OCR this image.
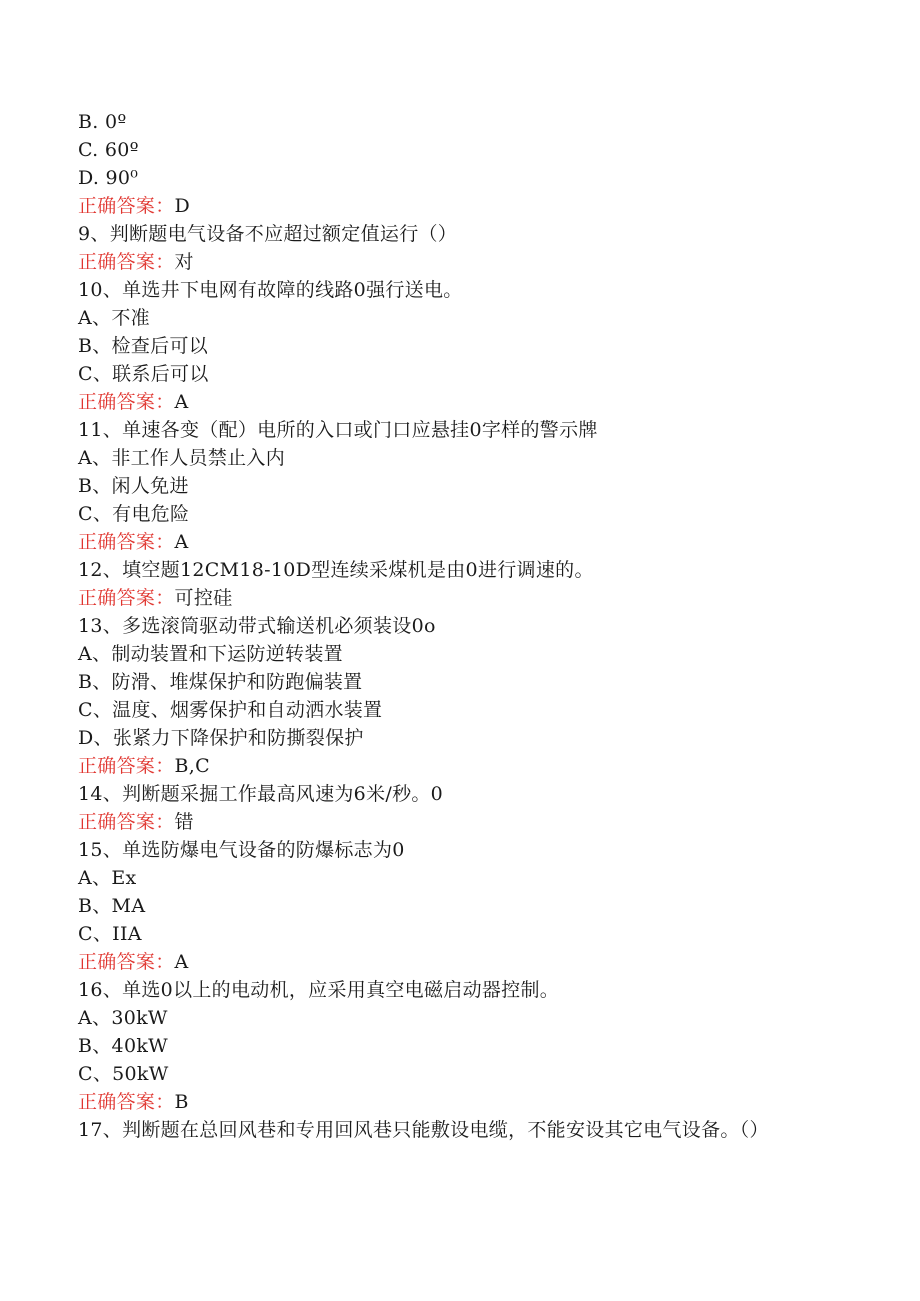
B. 0º
C. 60º
D. 90⁰
正确答案：D
9、判断题电气设备不应超过额定值运行（）
正确答案：对
10、单选井下电网有故障的线路0强行送电。
A、不准
B、检查后可以
C、联系后可以
正确答案：A
11、单速各变（配）电所的入口或门口应悬挂0字样的警示牌
A、非工作人员禁止入内
B、闲人免进
C、有电危险
正确答案：A
12、填空题12CM18-10D型连续采煤机是由0进行调速的。
正确答案：可控硅
13、多选滚筒驱动带式输送机必须装设0o
A、制动装置和下运防逆转装置
B、防滑、堆煤保护和防跑偏装置
C、温度、烟雾保护和自动洒水装置
D、张紧力下降保护和防撕裂保护
正确答案：B,C
14、判断题采掘工作最高风速为6米/秒。0
正确答案：错
15、单选防爆电气设备的防爆标志为0
A、Ex
B、MA
C、IIA
正确答案：A
16、单选0以上的电动机，应采用真空电磁启动器控制。
A、30kW
B、40kW
C、50kW
正确答案：B
17、判断题在总回风巷和专用回风巷只能敷设电缆，不能安设其它电气设备。（）
